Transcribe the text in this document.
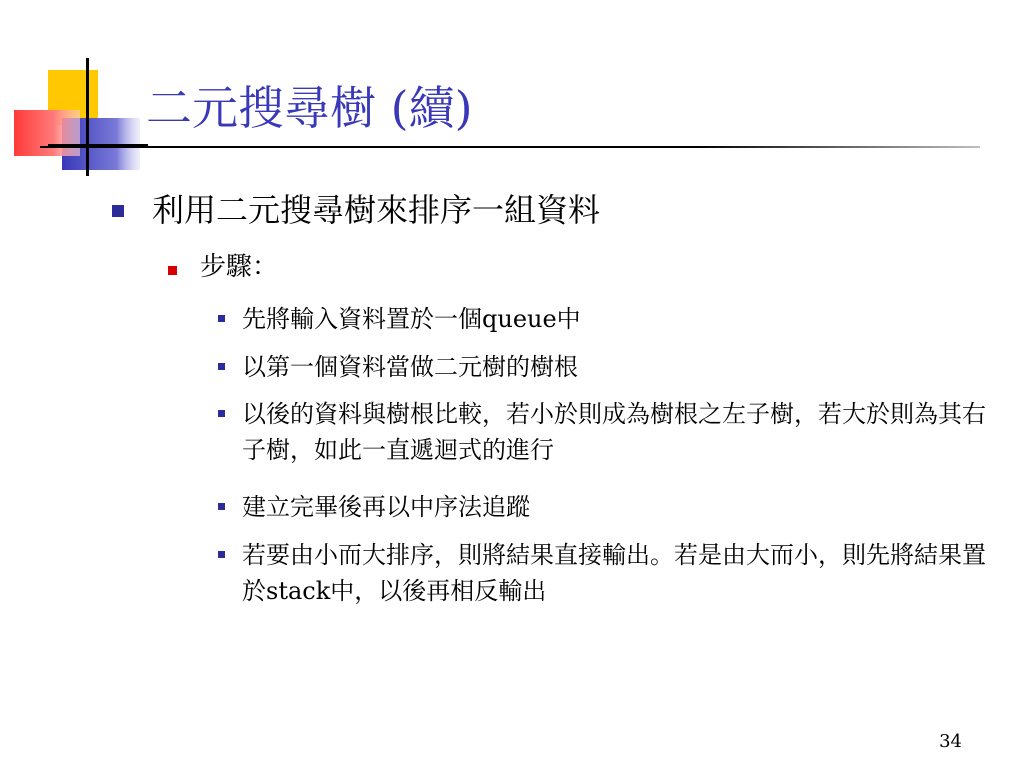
二元搜尋樹 (續)
利用二元搜尋樹來排序一組資料
步驟：
先將輸入資料置於一個queue中
以第一個資料當做二元樹的樹根
以後的資料與樹根比較，若小於則成為樹根之左子樹，若大於則為其右子樹，如此一直遞迴式的進行
建立完畢後再以中序法追蹤
若要由小而大排序，則將結果直接輸出。若是由大而小，則先將結果置於stack中，以後再相反輸出
34
